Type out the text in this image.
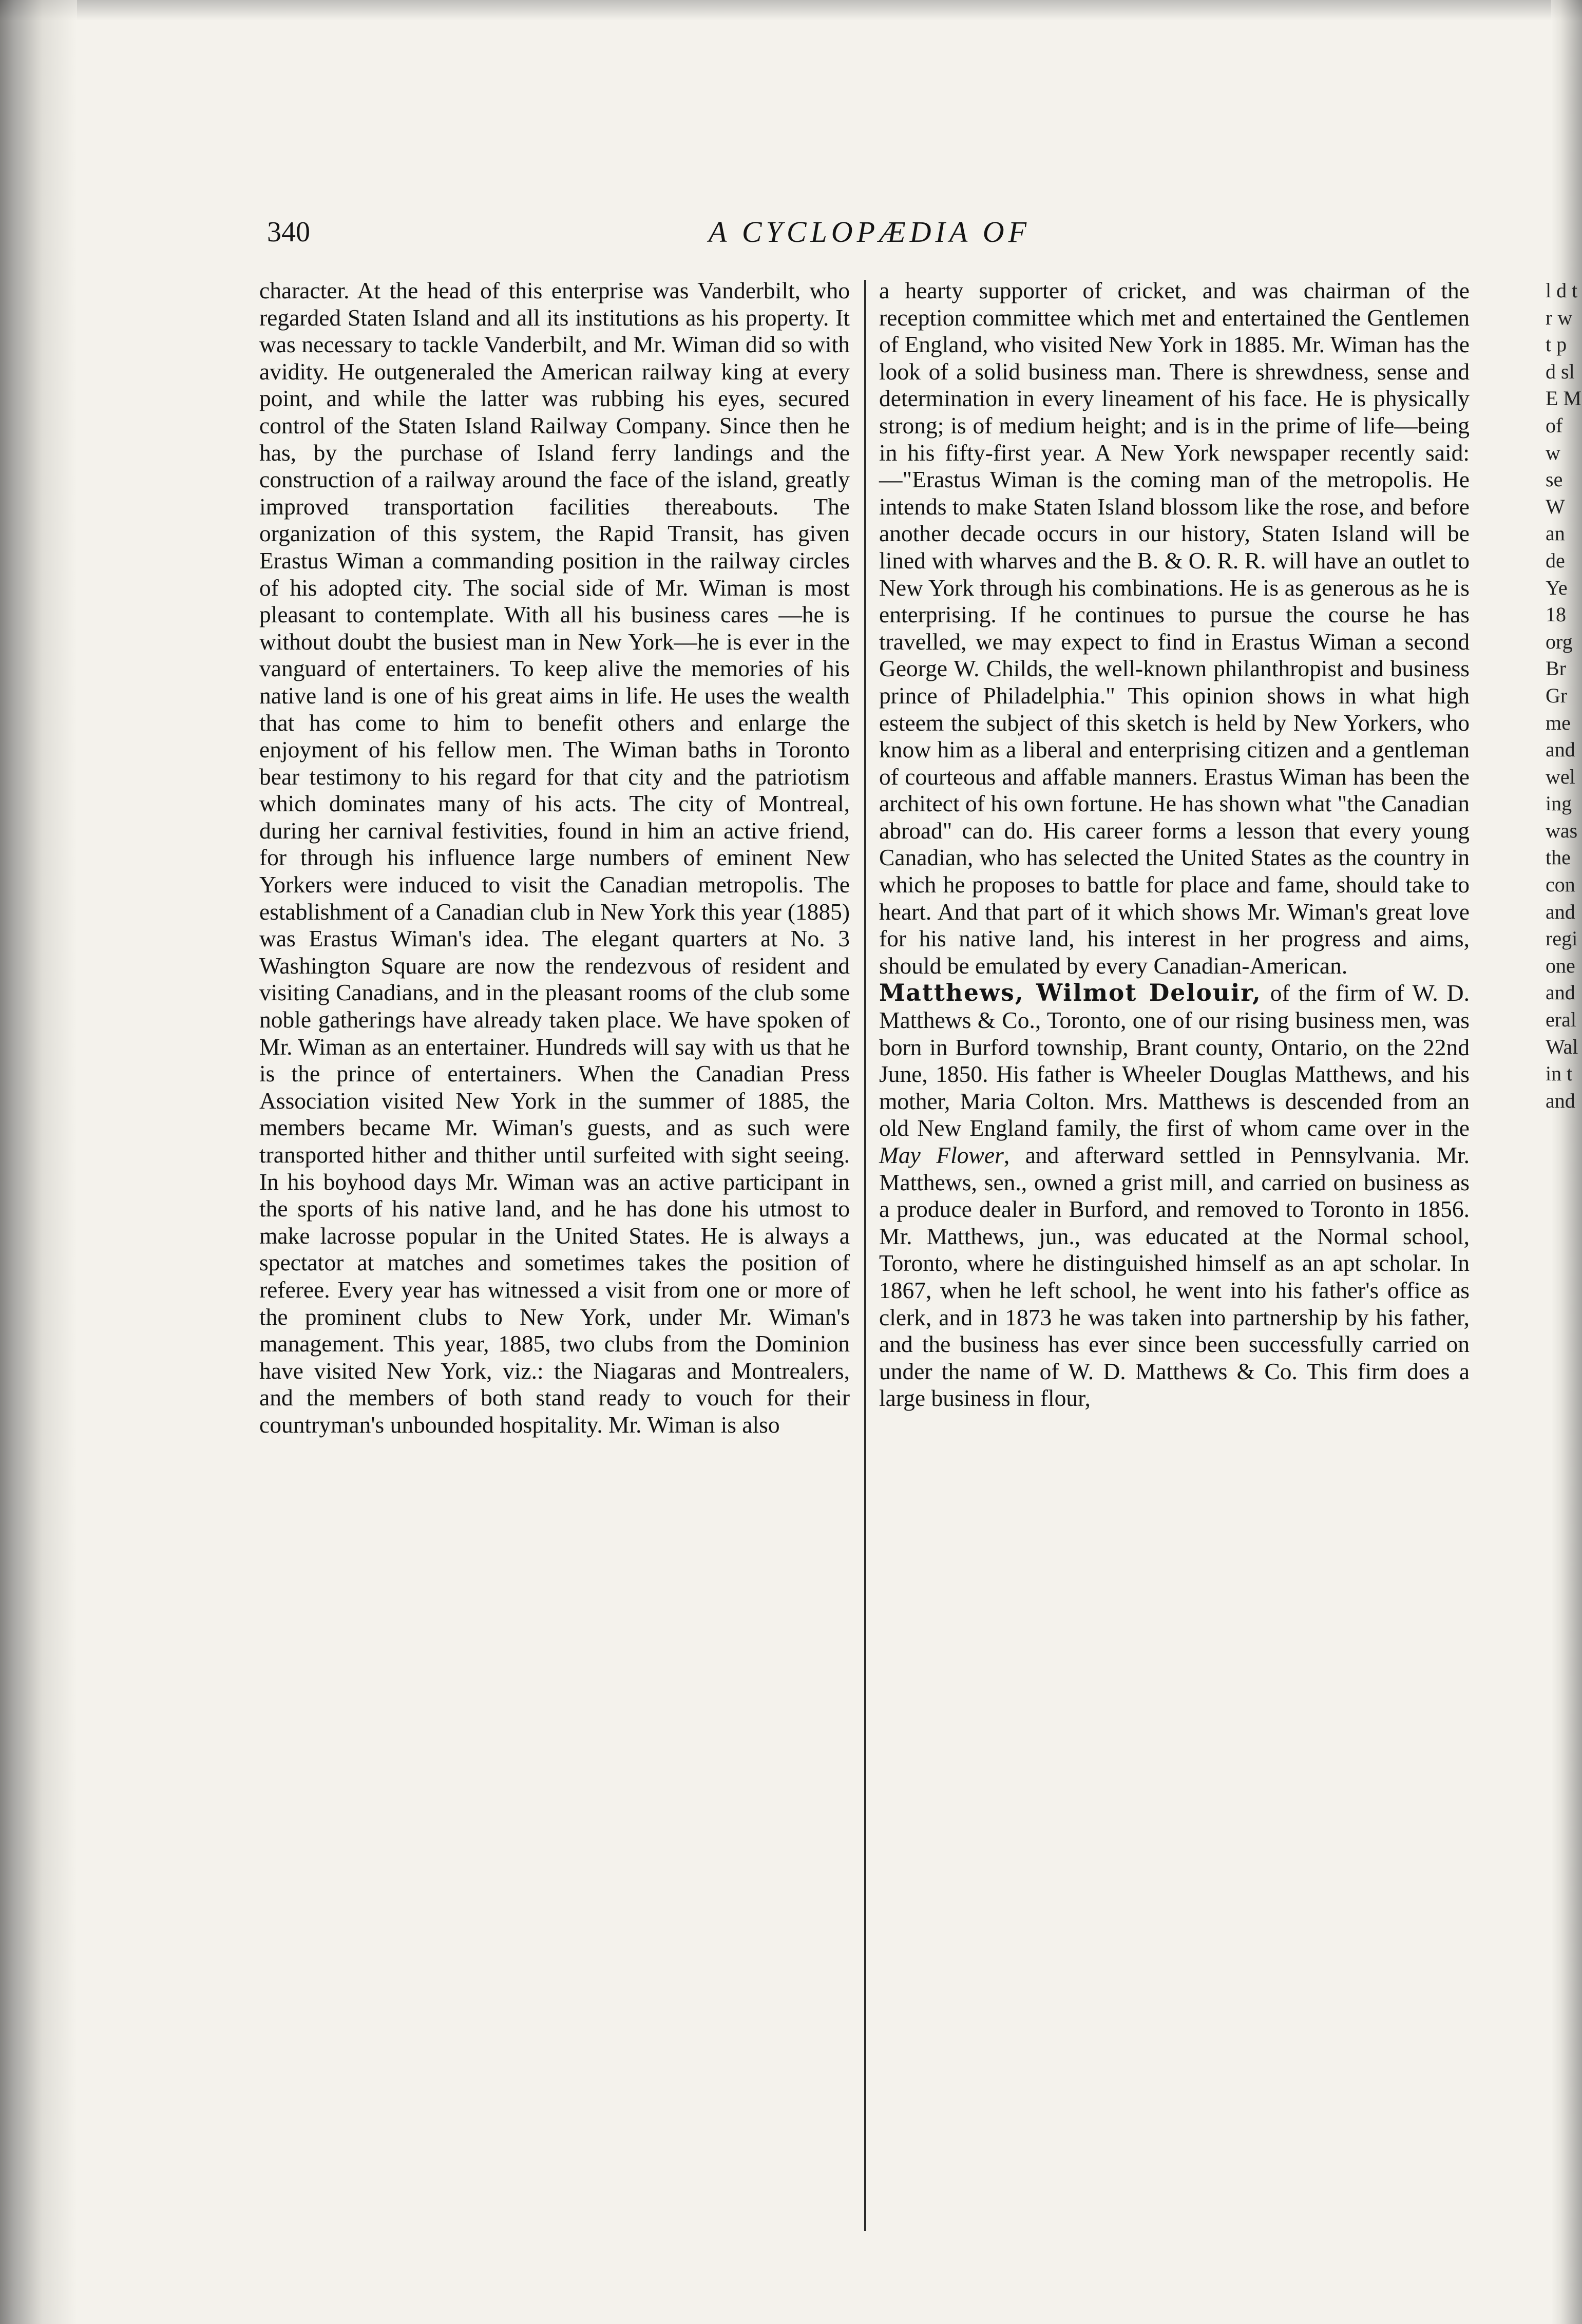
340	A CYCLOPÆDIA OF

character. At the head of this enterprise was Vanderbilt, who regarded Staten Island and all its institutions as his property. It was necessary to tackle Vanderbilt, and Mr. Wiman did so with avidity. He outgeneraled the American railway king at every point, and while the latter was rubbing his eyes, secured control of the Staten Island Railway Company. Since then he has, by the purchase of Island ferry landings and the construction of a railway around the face of the island, greatly improved transportation facilities thereabouts. The organization of this system, the Rapid Transit, has given Erastus Wiman a commanding position in the railway circles of his adopted city. The social side of Mr. Wiman is most pleasant to contemplate. With all his business cares —he is without doubt the busiest man in New York—he is ever in the vanguard of entertainers. To keep alive the memories of his native land is one of his great aims in life. He uses the wealth that has come to him to benefit others and enlarge the enjoyment of his fellow men. The Wiman baths in Toronto bear testimony to his regard for that city and the patriotism which dominates many of his acts. The city of Montreal, during her carnival festivities, found in him an active friend, for through his influence large numbers of eminent New Yorkers were induced to visit the Canadian metropolis. The establishment of a Canadian club in New York this year (1885) was Erastus Wiman's idea. The elegant quarters at No. 3 Washington Square are now the rendezvous of resident and visiting Canadians, and in the pleasant rooms of the club some noble gatherings have already taken place. We have spoken of Mr. Wiman as an entertainer. Hundreds will say with us that he is the prince of entertainers. When the Canadian Press Association visited New York in the summer of 1885, the members became Mr. Wiman's guests, and as such were transported hither and thither until surfeited with sight seeing. In his boyhood days Mr. Wiman was an active participant in the sports of his native land, and he has done his utmost to make lacrosse popular in the United States. He is always a spectator at matches and sometimes takes the position of referee. Every year has witnessed a visit from one or more of the prominent clubs to New York, under Mr. Wiman's management. This year, 1885, two clubs from the Dominion have visited New York, viz.: the Niagaras and Montrealers, and the members of both stand ready to vouch for their countryman's unbounded hospitality. Mr. Wiman is also

a hearty supporter of cricket, and was chairman of the reception committee which met and entertained the Gentlemen of England, who visited New York in 1885. Mr. Wiman has the look of a solid business man. There is shrewdness, sense and determination in every lineament of his face. He is physically strong; is of medium height; and is in the prime of life—being in his fifty-first year. A New York newspaper recently said: —"Erastus Wiman is the coming man of the metropolis. He intends to make Staten Island blossom like the rose, and before another decade occurs in our history, Staten Island will be lined with wharves and the B. & O. R. R. will have an outlet to New York through his combinations. He is as generous as he is enterprising. If he continues to pursue the course he has travelled, we may expect to find in Erastus Wiman a second George W. Childs, the well-known philanthropist and business prince of Philadelphia." This opinion shows in what high esteem the subject of this sketch is held by New Yorkers, who know him as a liberal and enterprising citizen and a gentleman of courteous and affable manners. Erastus Wiman has been the architect of his own fortune. He has shown what "the Canadian abroad" can do. His career forms a lesson that every young Canadian, who has selected the United States as the country in which he proposes to battle for place and fame, should take to heart. And that part of it which shows Mr. Wiman's great love for his native land, his interest in her progress and aims, should be emulated by every Canadian-American.

Matthews, Wilmot Delouir, of the firm of W. D. Matthews & Co., Toronto, one of our rising business men, was born in Burford township, Brant county, Ontario, on the 22nd June, 1850. His father is Wheeler Douglas Matthews, and his mother, Maria Colton. Mrs. Matthews is descended from an old New England family, the first of whom came over in the May Flower, and afterward settled in Pennsylvania. Mr. Matthews, sen., owned a grist mill, and carried on business as a produce dealer in Burford, and removed to Toronto in 1856. Mr. Matthews, jun., was educated at the Normal school, Toronto, where he distinguished himself as an apt scholar. In 1867, when he left school, he went into his father's office as clerk, and in 1873 he was taken into partnership by his father, and the business has ever since been successfully carried on under the name of W. D. Matthews & Co. This firm does a large business in flour,

l d t r w t p d sl E M of w se W an de Ye 18 org Br Gr me and wel ing was the con and regi one and eral Wal in t and
